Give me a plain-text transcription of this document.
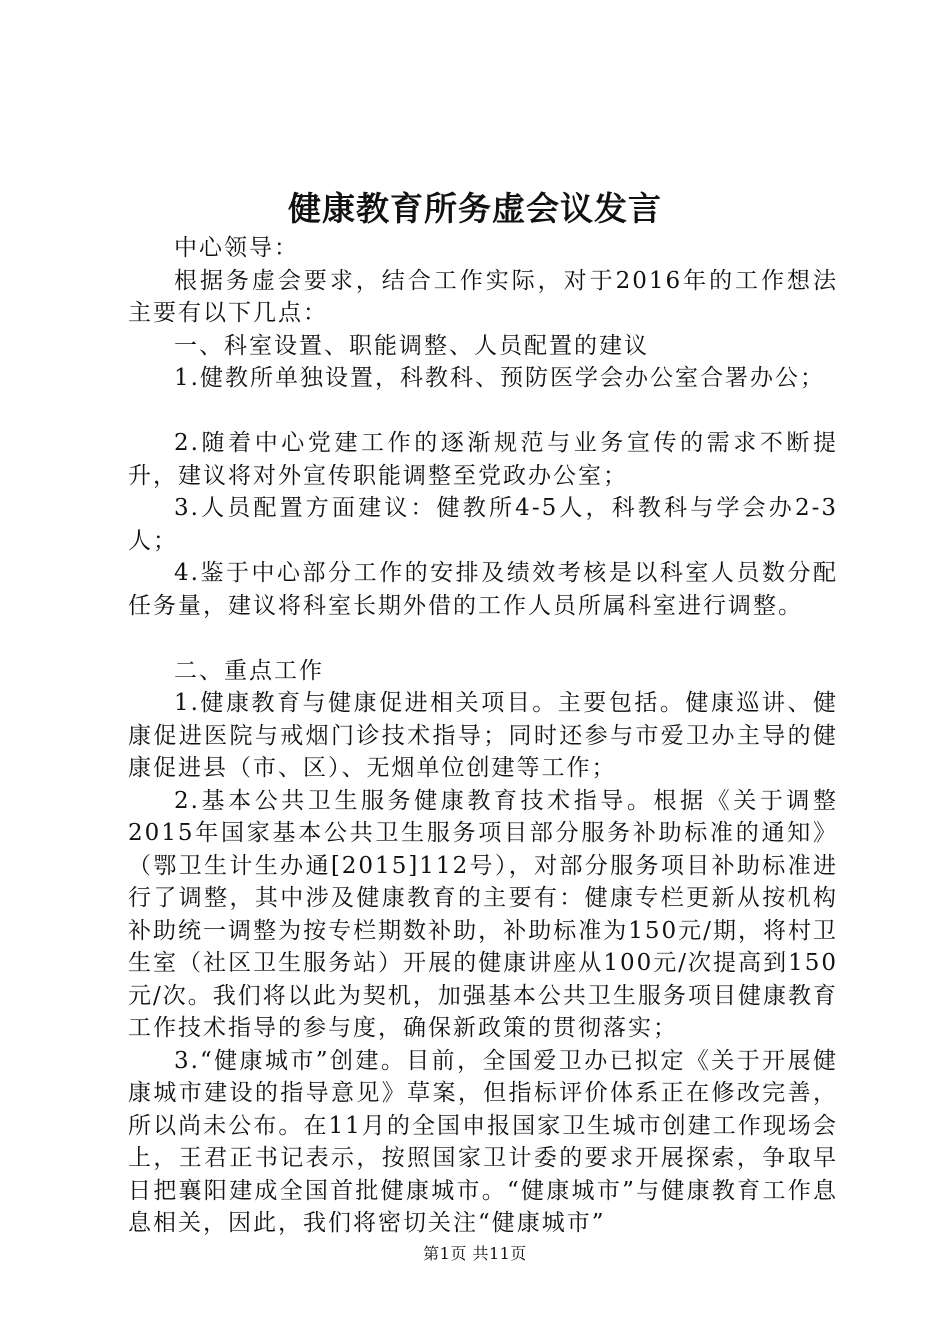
健康教育所务虚会议发言

中心领导：

根据务虚会要求，结合工作实际，对于2016年的工作想法主要有以下几点：

一、科室设置、职能调整、人员配置的建议

1.健教所单独设置，科教科、预防医学会办公室合署办公；

2.随着中心党建工作的逐渐规范与业务宣传的需求不断提升，建议将对外宣传职能调整至党政办公室；

3.人员配置方面建议：健教所4-5人，科教科与学会办2-3人；

4.鉴于中心部分工作的安排及绩效考核是以科室人员数分配任务量，建议将科室长期外借的工作人员所属科室进行调整。

二、重点工作

1.健康教育与健康促进相关项目。主要包括。健康巡讲、健康促进医院与戒烟门诊技术指导；同时还参与市爱卫办主导的健康促进县（市、区）、无烟单位创建等工作；

2.基本公共卫生服务健康教育技术指导。根据《关于调整2015年国家基本公共卫生服务项目部分服务补助标准的通知》（鄂卫生计生办通[2015]112号），对部分服务项目补助标准进行了调整，其中涉及健康教育的主要有：健康专栏更新从按机构补助统一调整为按专栏期数补助，补助标准为150元/期，将村卫生室（社区卫生服务站）开展的健康讲座从100元/次提高到150元/次。我们将以此为契机，加强基本公共卫生服务项目健康教育工作技术指导的参与度，确保新政策的贯彻落实；

3.“健康城市”创建。目前，全国爱卫办已拟定《关于开展健康城市建设的指导意见》草案，但指标评价体系正在修改完善，所以尚未公布。在11月的全国申报国家卫生城市创建工作现场会上，王君正书记表示，按照国家卫计委的要求开展探索，争取早日把襄阳建成全国首批健康城市。“健康城市”与健康教育工作息息相关，因此，我们将密切关注“健康城市”

第1页 共11页
